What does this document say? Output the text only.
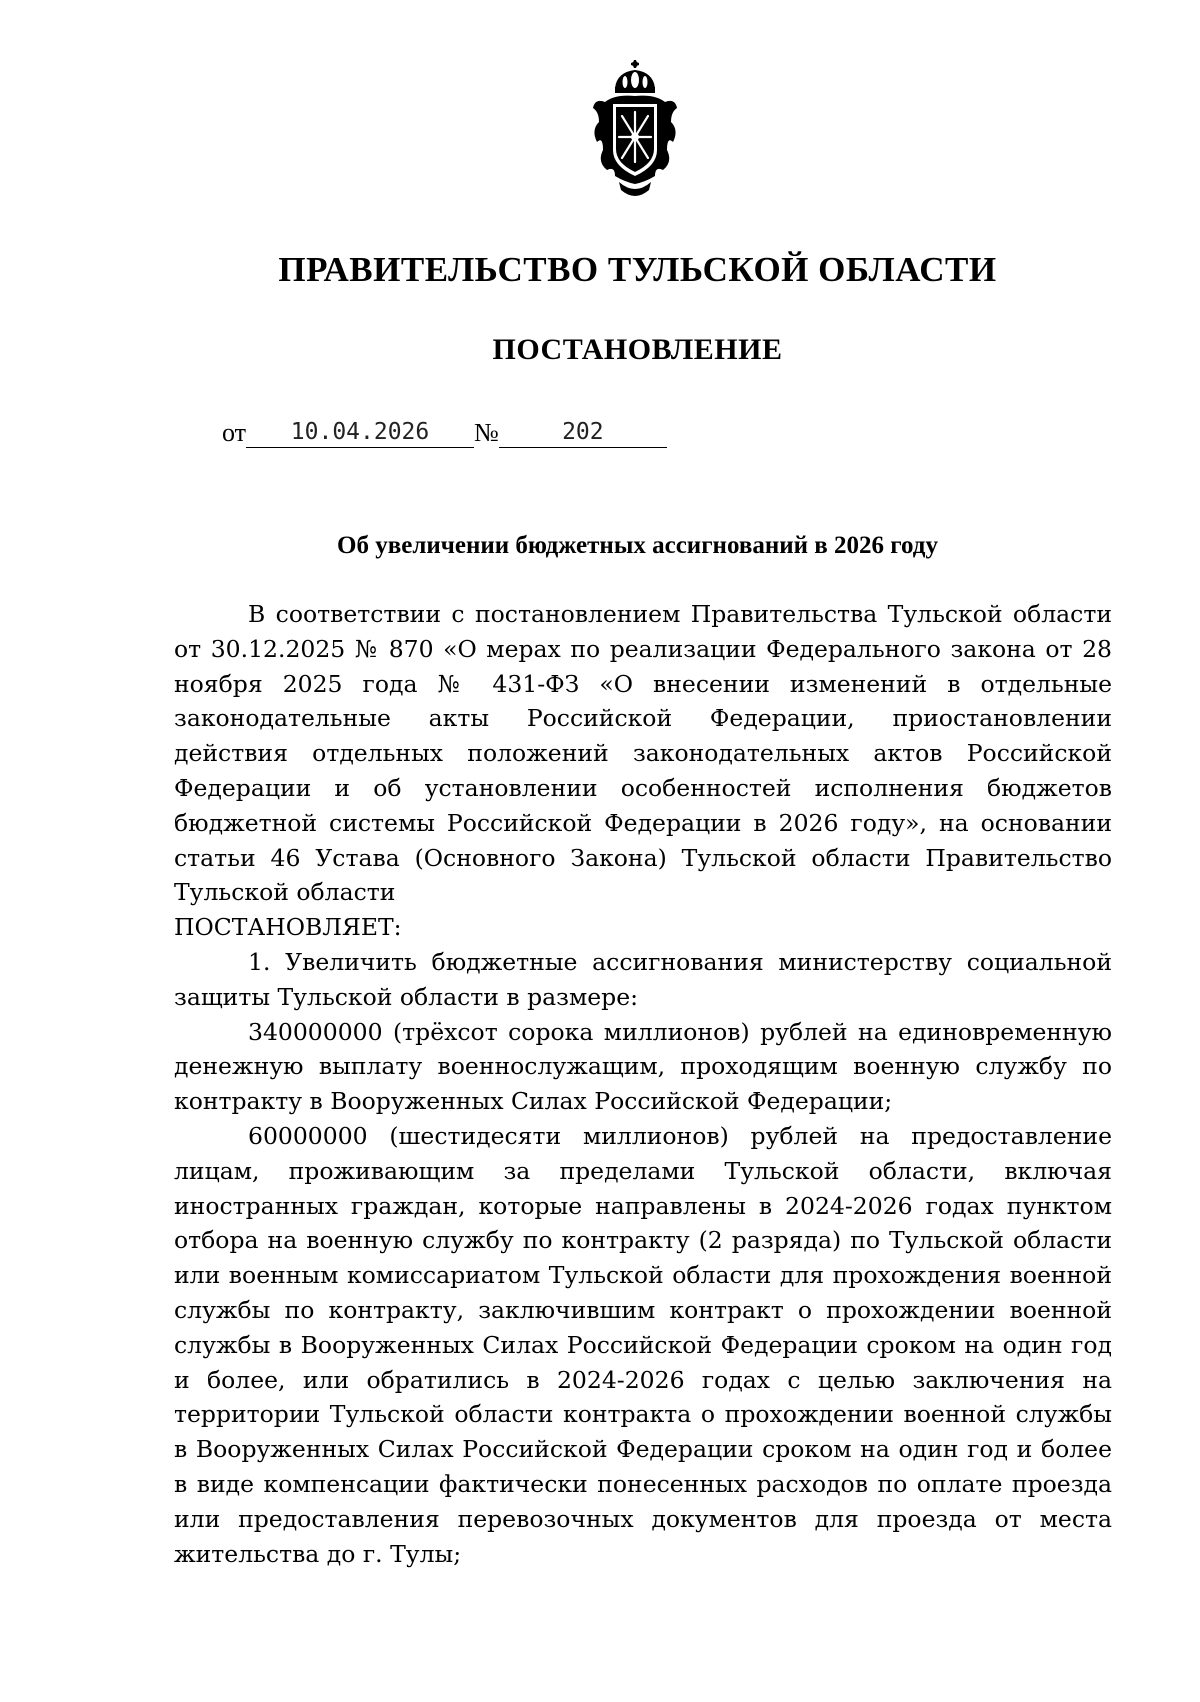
ПРАВИТЕЛЬСТВО ТУЛЬСКОЙ ОБЛАСТИ
ПОСТАНОВЛЕНИЕ
от 10.04.2026 №	202
Об увеличении бюджетных ассигнований в 2026 году

В соответствии с постановлением Правительства Тульской области от 30.12.2025 № 870 «О мерах по реализации Федерального закона от 28 ноября 2025 года № 431-ФЗ «О внесении изменений в отдельные законодательные акты Российской Федерации, приостановлении действия отдельных положений законодательных актов Российской Федерации и об установлении особенностей исполнения бюджетов бюджетной системы Российской Федерации в 2026 году», на основании статьи 46 Устава (Основного Закона) Тульской области Правительство Тульской области

ПОСТАНОВЛЯЕТ:

1. Увеличить бюджетные ассигнования министерству социальной защиты Тульской области в размере:

340000000 (трёхсот сорока миллионов) рублей на единовременную денежную выплату военнослужащим, проходящим военную службу по контракту в Вооруженных Силах Российской Федерации;

60000000 (шестидесяти миллионов) рублей на предоставление лицам, проживающим за пределами Тульской области, включая иностранных граждан, которые направлены в 2024-2026 годах пунктом отбора на военную службу по контракту (2 разряда) по Тульской области или военным комиссариатом Тульской области для прохождения военной службы по контракту, заключившим контракт о прохождении военной службы в Вооруженных Силах Российской Федерации сроком на один год и более, или обратились в 2024-2026 годах с целью заключения на территории Тульской области контракта о прохождении военной службы в Вооруженных Силах Российской Федерации сроком на один год и более в виде компенсации фактически понесенных расходов по оплате проезда или предоставления перевозочных документов для проезда от места жительства до г. Тулы;
